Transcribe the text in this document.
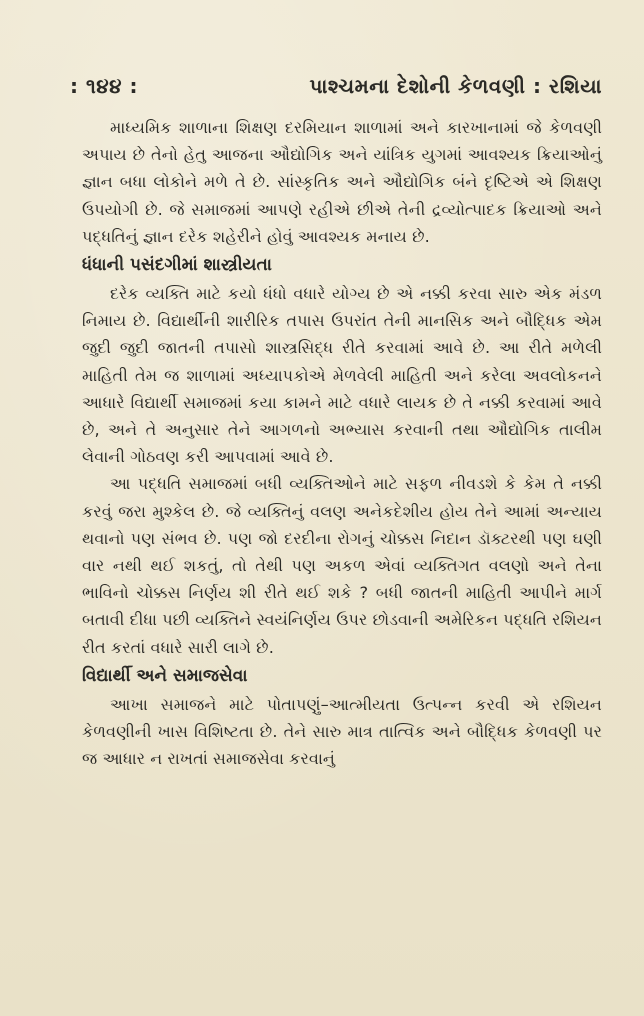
: ૧૪૪ :	પાશ્ચમના દેશોની કેળવણી : રશિયા

માધ્યમિક શાળાના શિક્ષણ દરમિયાન શાળામાં અને કારખાનામાં જે કેળવણી અપાય છે તેનો હેતુ આજના ઔદ્યોગિક અને યાંત્રિક યુગમાં આવશ્યક ક્રિયાઓનું જ્ઞાન બધા લોકોને મળે તે છે. સાંસ્કૃતિક અને ઔદ્યોગિક બંને દૃષ્ટિએ એ શિક્ષણ ઉપયોગી છે. જે સમાજમાં આપણે રહીએ છીએ તેની દ્રવ્યોત્પાદક ક્રિયાઓ અને પદ્ધતિનું જ્ઞાન દરેક શહેરીને હોવું આવશ્યક મનાય છે.

ધંધાની પસંદગીમાં શાસ્ત્રીયતા

દરેક વ્યક્તિ માટે કયો ધંધો વધારે યોગ્ય છે એ નક્કી કરવા સારુ એક મંડળ નિમાય છે. વિદ્યાર્થીની શારીરિક તપાસ ઉપરાંત તેની માનસિક અને બૌદ્ધિક એમ જુદી જુદી જાતની તપાસો શાસ્ત્રસિદ્ધ રીતે કરવામાં આવે છે. આ રીતે મળેલી માહિતી તેમ જ શાળામાં અધ્યાપકોએ મેળવેલી માહિતી અને કરેલા અવલોકનને આધારે વિદ્યાર્થી સમાજમાં કયા કામને માટે વધારે લાયક છે તે નક્કી કરવામાં આવે છે, અને તે અનુસાર તેને આગળનો અભ્યાસ કરવાની તથા ઔદ્યોગિક તાલીમ લેવાની ગોઠવણ કરી આપવામાં આવે છે.

આ પદ્ધતિ સમાજમાં બધી વ્યક્તિઓને માટે સફળ નીવડશે કે કેમ તે નક્કી કરવું જરા મુશ્કેલ છે. જે વ્યક્તિનું વલણ અનેકદેશીય હોય તેને આમાં અન્યાય થવાનો પણ સંભવ છે. પણ જો દરદીના રોગનું ચોક્કસ નિદાન ડૉક્ટરથી પણ ઘણી વાર નથી થઈ શકતું, તો તેથી પણ અકળ એવાં વ્યક્તિગત વલણો અને તેના ભાવિનો ચોક્કસ નિર્ણય શી રીતે થઈ શકે ? બધી જાતની માહિતી આપીને માર્ગ બતાવી દીધા પછી વ્યક્તિને સ્વયંનિર્ણય ઉપર છોડવાની અમેરિકન પદ્ધતિ રશિયન રીત કરતાં વધારે સારી લાગે છે.

વિદ્યાર્થી અને સમાજસેવા

આખા સમાજને માટે પોતાપણું–આત્મીયતા ઉત્પન્ન કરવી એ રશિયન કેળવણીની ખાસ વિશિષ્ટતા છે. તેને સારુ માત્ર તાત્વિક અને બૌદ્ધિક કેળવણી પર જ આધાર ન રાખતાં સમાજસેવા કરવાનું
